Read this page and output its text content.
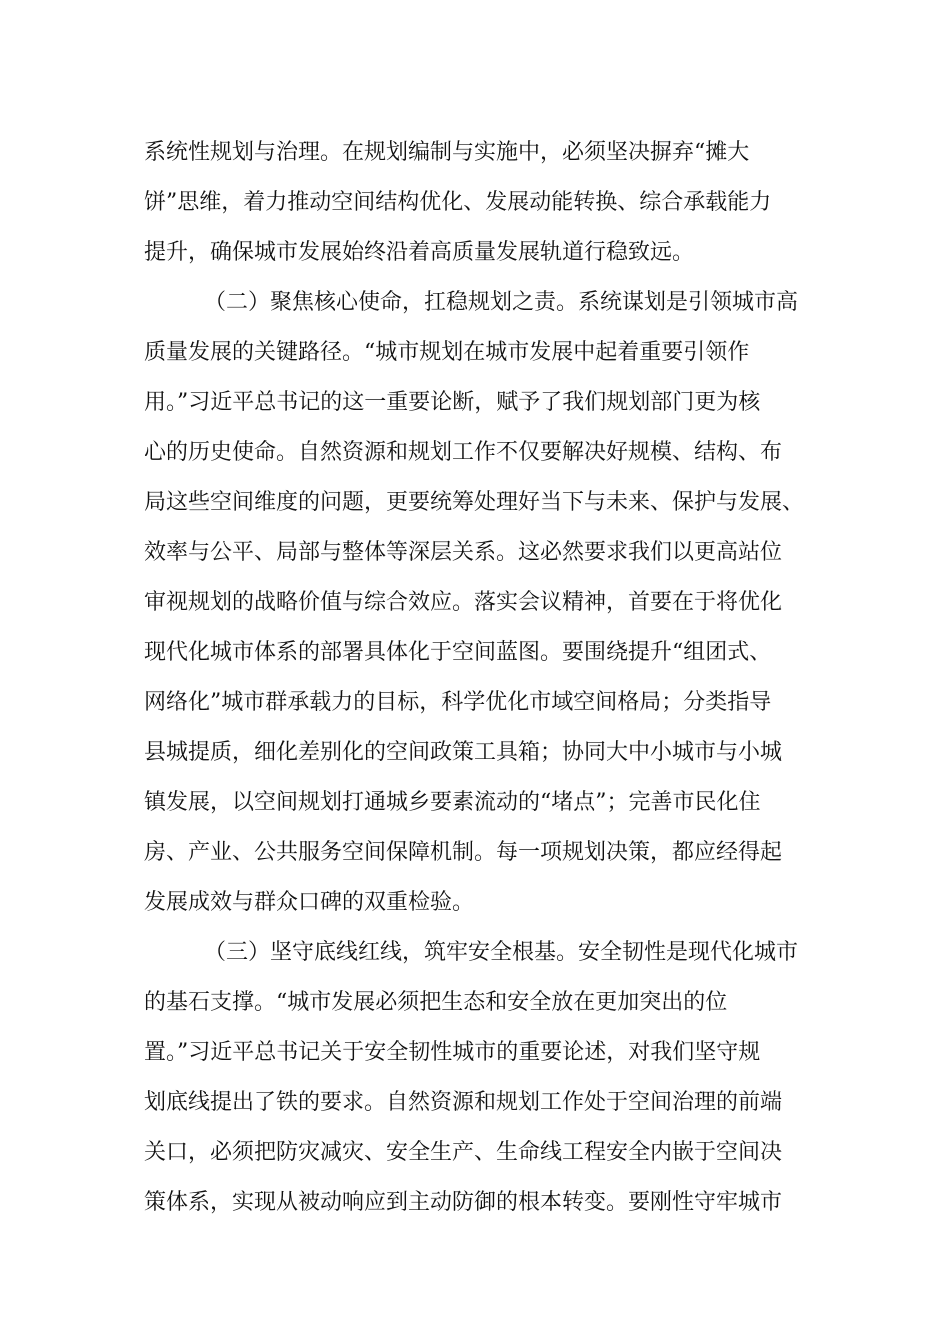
系统性规划与治理。在规划编制与实施中，必须坚决摒弃“摊大
饼”思维，着力推动空间结构优化、发展动能转换、综合承载能力
提升，确保城市发展始终沿着高质量发展轨道行稳致远。
（二）聚焦核心使命，扛稳规划之责。系统谋划是引领城市高
质量发展的关键路径。“城市规划在城市发展中起着重要引领作
用。”习近平总书记的这一重要论断，赋予了我们规划部门更为核
心的历史使命。自然资源和规划工作不仅要解决好规模、结构、布
局这些空间维度的问题，更要统筹处理好当下与未来、保护与发展、
效率与公平、局部与整体等深层关系。这必然要求我们以更高站位
审视规划的战略价值与综合效应。落实会议精神，首要在于将优化
现代化城市体系的部署具体化于空间蓝图。要围绕提升“组团式、
网络化”城市群承载力的目标，科学优化市域空间格局；分类指导
县城提质，细化差别化的空间政策工具箱；协同大中小城市与小城
镇发展，以空间规划打通城乡要素流动的“堵点”；完善市民化住
房、产业、公共服务空间保障机制。每一项规划决策，都应经得起
发展成效与群众口碑的双重检验。
（三）坚守底线红线，筑牢安全根基。安全韧性是现代化城市
的基石支撑。“城市发展必须把生态和安全放在更加突出的位
置。”习近平总书记关于安全韧性城市的重要论述，对我们坚守规
划底线提出了铁的要求。自然资源和规划工作处于空间治理的前端
关口，必须把防灾减灾、安全生产、生命线工程安全内嵌于空间决
策体系，实现从被动响应到主动防御的根本转变。要刚性守牢城市
